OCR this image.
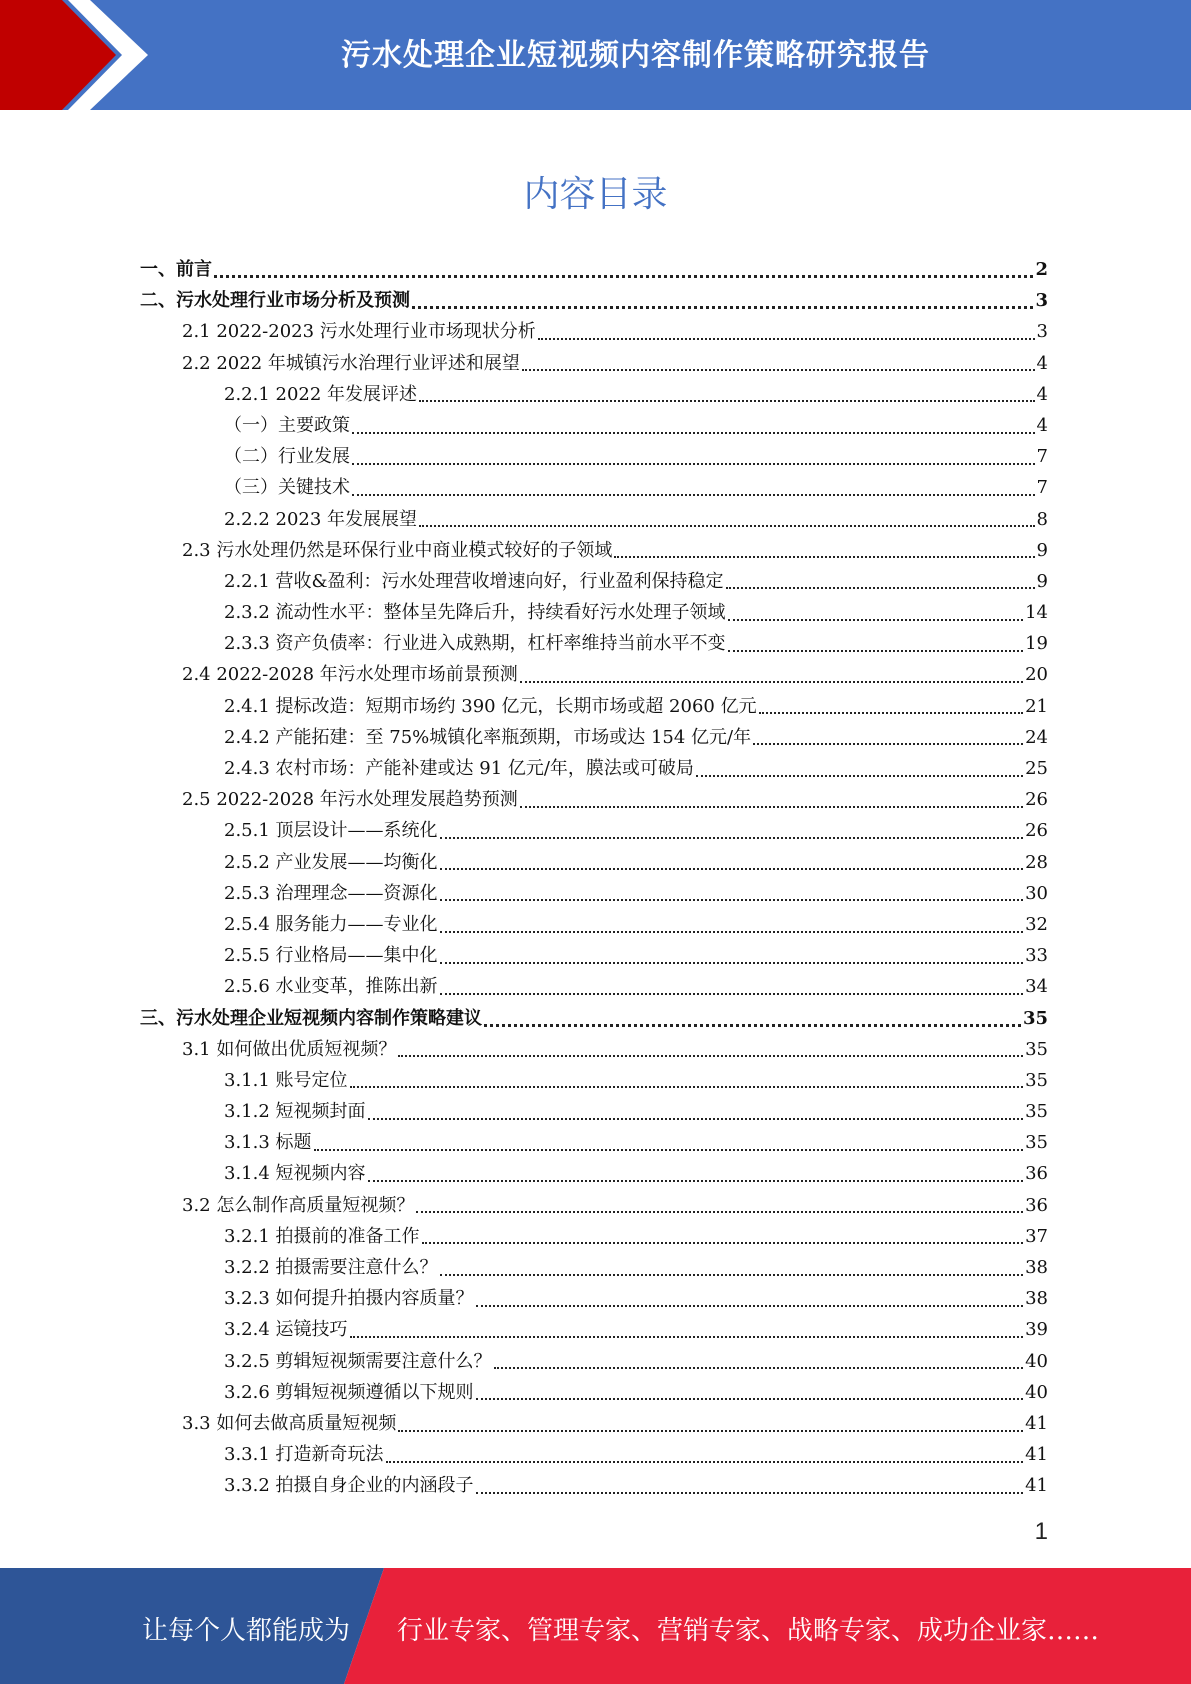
污水处理企业短视频内容制作策略研究报告
内容目录
一、前言	2
二、污水处理行业市场分析及预测	3
2.1 2022-2023 污水处理行业市场现状分析	3
2.2 2022 年城镇污水治理行业评述和展望	4
2.2.1 2022 年发展评述	4
（一）主要政策	4
（二）行业发展	7
（三）关键技术	7
2.2.2 2023 年发展展望	8
2.3 污水处理仍然是环保行业中商业模式较好的子领域	9
2.2.1 营收&盈利：污水处理营收增速向好，行业盈利保持稳定	9
2.3.2 流动性水平：整体呈先降后升，持续看好污水处理子领域	14
2.3.3 资产负债率：行业进入成熟期，杠杆率维持当前水平不变	19
2.4 2022-2028 年污水处理市场前景预测	20
2.4.1 提标改造：短期市场约 390 亿元，长期市场或超 2060 亿元	21
2.4.2 产能拓建：至 75%城镇化率瓶颈期，市场或达 154 亿元/年	24
2.4.3 农村市场：产能补建或达 91 亿元/年，膜法或可破局	25
2.5 2022-2028 年污水处理发展趋势预测	26
2.5.1 顶层设计——系统化	26
2.5.2 产业发展——均衡化	28
2.5.3 治理理念——资源化	30
2.5.4 服务能力——专业化	32
2.5.5 行业格局——集中化	33
2.5.6 水业变革，推陈出新	34
三、污水处理企业短视频内容制作策略建议	35
3.1 如何做出优质短视频？	35
3.1.1 账号定位	35
3.1.2 短视频封面	35
3.1.3 标题	35
3.1.4 短视频内容	36
3.2 怎么制作高质量短视频？	36
3.2.1 拍摄前的准备工作	37
3.2.2 拍摄需要注意什么？	38
3.2.3 如何提升拍摄内容质量？	38
3.2.4 运镜技巧	39
3.2.5 剪辑短视频需要注意什么？	40
3.2.6 剪辑短视频遵循以下规则	40
3.3 如何去做高质量短视频	41
3.3.1 打造新奇玩法	41
3.3.2 拍摄自身企业的内涵段子	41
1
让每个人都能成为 行业专家、管理专家、营销专家、战略专家、成功企业家……
